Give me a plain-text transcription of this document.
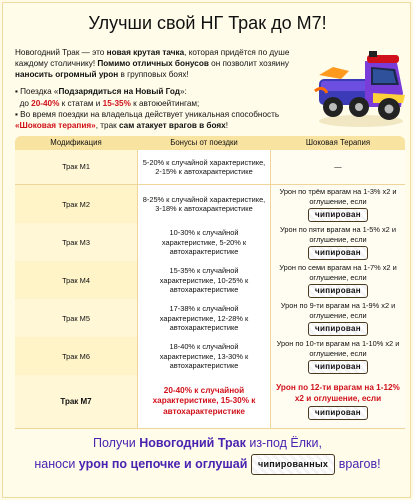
Улучши свой НГ Трак до М7!
Новогодний Трак — это новая крутая тачка, которая придётся по душе каждому столичнику! Помимо отличных бонусов он позволит хозяину наносить огромный урон в групповых боях!

▪ Поездка «Подзарядиться на Новый Год»:

до 20-40% к статам и 15-35% к автоюейтингам;

▪ Во время поездки на владельца действует уникальная способность
«Шоковая терапия», трак сам атакует врагов в боях!

Модификация	Бонусы от поездки	Шоковая Терапия
Трак М1
5-20% к случайной характеристике, 2-15% к автохарактеристике
—
Трак М2
8-25% к случайной характеристике, 3-18% к автохарактеристике
Урон по трём врагам на 1-3% x2 и оглушение, если
чипирован
Трак М3
10-30% к случайной характеристике, 5-20% к автохарактеристике
Урон по пяти врагам на 1-5% x2 и оглушение, если
чипирован
Трак М4
15-35% к случайной характеристике, 10-25% к автохарактеристике
Урон по семи врагам на 1-7% x2 и оглушение, если
чипирован
Трак М5
17-38% к случайной характеристике, 12-28% к автохарактеристике
Урон по 9-ти врагам на 1-9% x2 и оглушение, если
чипирован
Трак М6
18-40% к случайной характеристике, 13-30% к автохарактеристике
Урон по 10-ти врагам на 1-10% x2 и оглушение, если
чипирован
Трак М7
20-40% к случайной характеристике, 15-30% к автохарактеристике
Урон по 12-ти врагам на 1-12% x2 и оглушение, если
чипирован
Получи Новогодний Трак из-под Ёлки,
наноси урон по цепочке и оглушай чипированных врагов!
